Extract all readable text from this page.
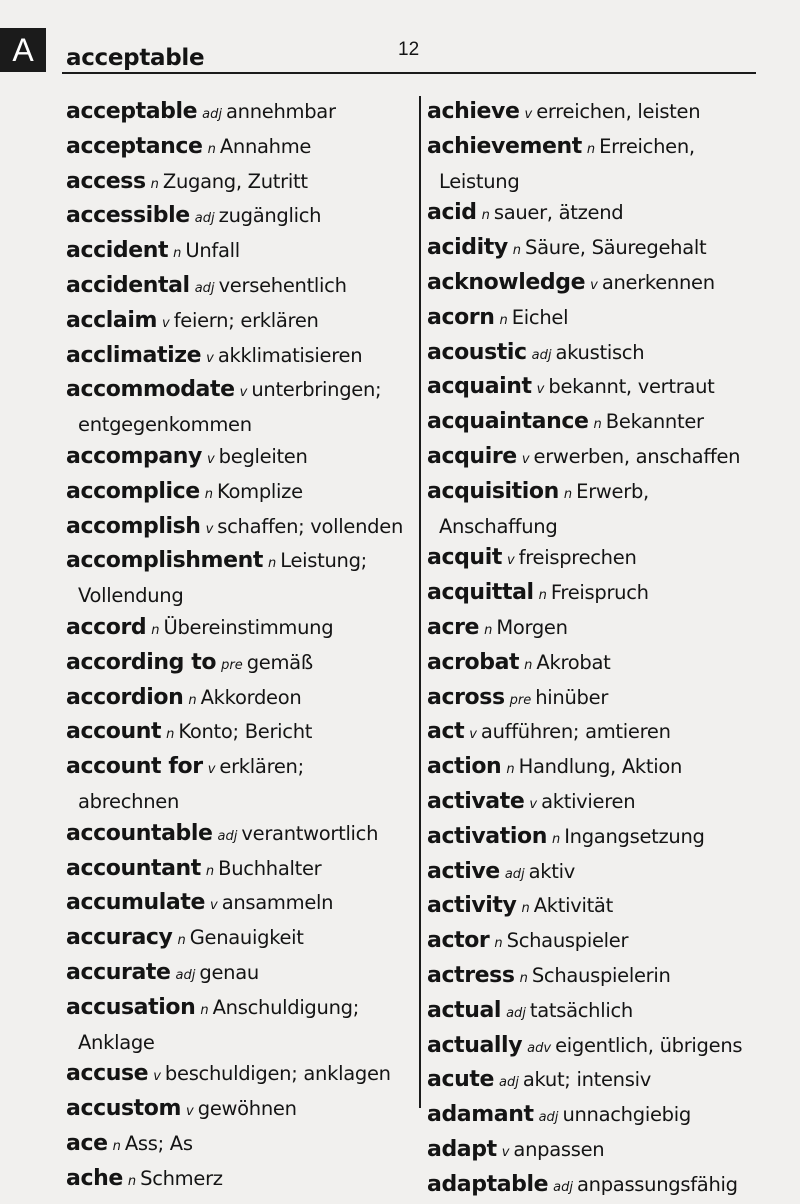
A	acceptable	12
acceptable adj annehmbar
acceptance n Annahme
access n Zugang, Zutritt
accessible adj zugänglich
accident n Unfall
accidental adj versehentlich
acclaim v feiern; erklären
acclimatize v akklimatisieren
accommodate v unterbringen;
entgegenkommen
accompany v begleiten
accomplice n Komplize
accomplish v schaffen; vollenden
accomplishment n Leistung;
Vollendung
accord n Übereinstimmung
according to pre gemäß
accordion n Akkordeon
account n Konto; Bericht
account for v erklären;
abrechnen
accountable adj verantwortlich
accountant n Buchhalter
accumulate v ansammeln
accuracy n Genauigkeit
accurate adj genau
accusation n Anschuldigung;
Anklage
accuse v beschuldigen; anklagen
accustom v gewöhnen
ace n Ass; As
ache n Schmerz
achieve v erreichen, leisten
achievement n Erreichen,
Leistung
acid n sauer, ätzend
acidity n Säure, Säuregehalt
acknowledge v anerkennen
acorn n Eichel
acoustic adj akustisch
acquaint v bekannt, vertraut
acquaintance n Bekannter
acquire v erwerben, anschaffen
acquisition n Erwerb,
Anschaffung
acquit v freisprechen
acquittal n Freispruch
acre n Morgen
acrobat n Akrobat
across pre hinüber
act v aufführen; amtieren
action n Handlung, Aktion
activate v aktivieren
activation n Ingangsetzung
active adj aktiv
activity n Aktivität
actor n Schauspieler
actress n Schauspielerin
actual adj tatsächlich
actually adv eigentlich, übrigens
acute adj akut; intensiv
adamant adj unnachgiebig
adapt v anpassen
adaptable adj anpassungsfähig
